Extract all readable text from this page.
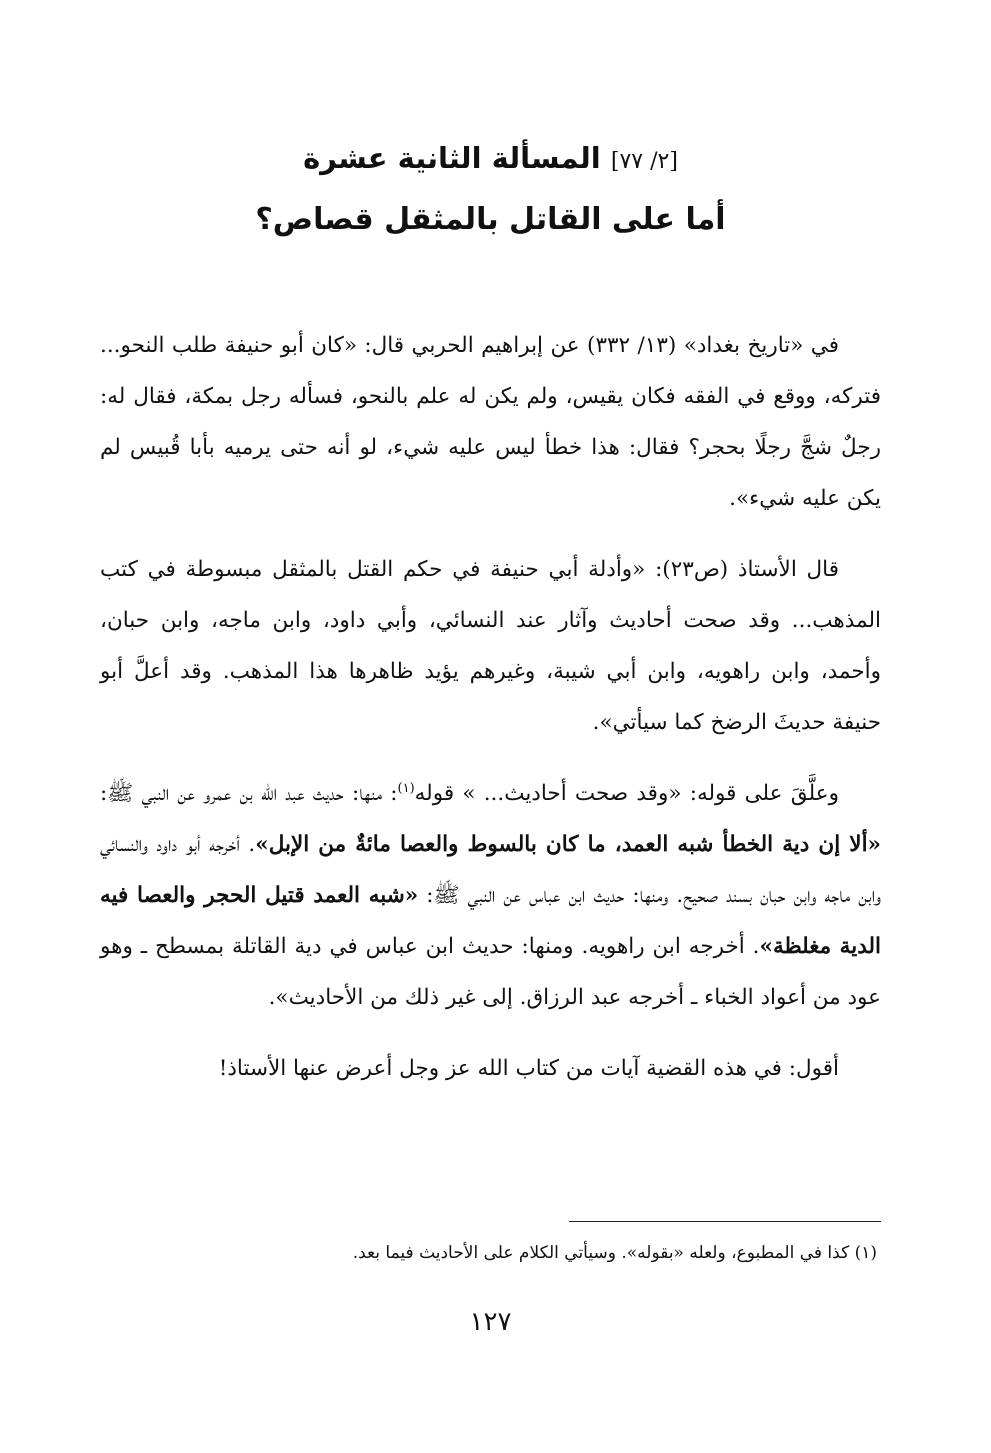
[٢/ ٧٧] المسألة الثانية عشرة
أما على القاتل بالمثقل قصاص؟

في «تاريخ بغداد» (١٣/ ٣٣٢) عن إبراهيم الحربي قال: «كان أبو حنيفة طلب النحو... فتركه، ووقع في الفقه فكان يقيس، ولم يكن له علم بالنحو، فسأله رجل بمكة، فقال له: رجلٌ شجَّ رجلًا بحجر؟ فقال: هذا خطأ ليس عليه شيء، لو أنه حتى يرميه بأبا قُبيس لم يكن عليه شيء».

قال الأستاذ (ص٢٣): «وأدلة أبي حنيفة في حكم القتل بالمثقل مبسوطة في كتب المذهب... وقد صحت أحاديث وآثار عند النسائي، وأبي داود، وابن ماجه، وابن حبان، وأحمد، وابن راهويه، وابن أبي شيبة، وغيرهم يؤيد ظاهرها هذا المذهب. وقد أعلَّ أبو حنيفة حديثَ الرضخ كما سيأتي».

وعلَّقَ على قوله: «وقد صحت أحاديث... » قوله$^{(١)}$: منها: حديث عبد الله بن عمرو عن النبي ﷺ: «ألا إن دية الخطأ شبه العمد، ما كان بالسوط والعصا مائةٌ من الإبل». أخرجه أبو داود والنسائي وابن ماجه وابن حبان بسند صحيح. ومنها: حديث ابن عباس عن النبي ﷺ: «شبه العمد قتيل الحجر والعصا فيه الدية مغلظة». أخرجه ابن راهويه. ومنها: حديث ابن عباس في دية القاتلة بمسطح ـ وهو عود من أعواد الخباء ـ أخرجه عبد الرزاق. إلى غير ذلك من الأحاديث».

أقول: في هذه القضية آيات من كتاب الله عز وجل أعرض عنها الأستاذ!

(١) كذا في المطبوع، ولعله «بقوله». وسيأتي الكلام على الأحاديث فيما بعد.
١٢٧
